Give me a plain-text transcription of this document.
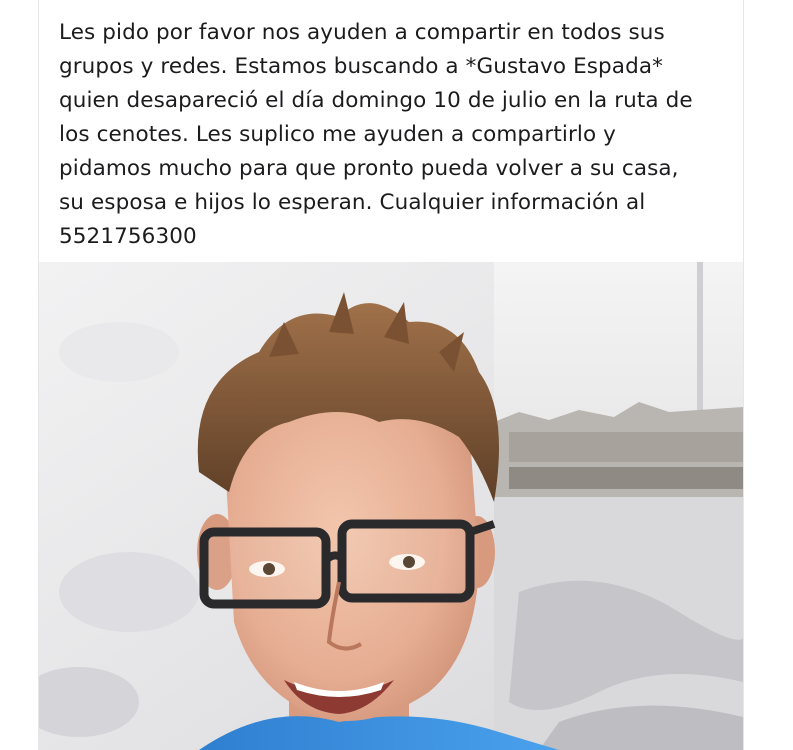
Les pido por favor nos ayuden a compartir en todos sus
grupos y redes. Estamos buscando a *Gustavo Espada*
quien desapareció el día domingo 10 de julio en la ruta de
los cenotes. Les suplico me ayuden a compartirlo y
pidamos mucho para que pronto pueda volver a su casa,
su esposa e hijos lo esperan. Cualquier información al
5521756300
